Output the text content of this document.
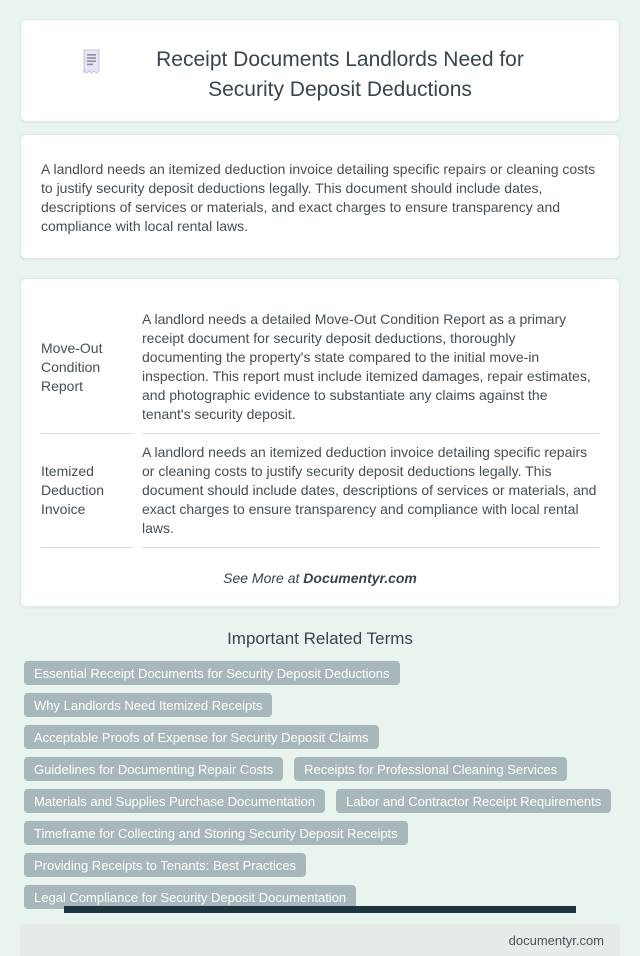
Receipt Documents Landlords Need for Security Deposit Deductions

A landlord needs an itemized deduction invoice detailing specific repairs or cleaning costs to justify security deposit deductions legally. This document should include dates, descriptions of services or materials, and exact charges to ensure transparency and compliance with local rental laws.

Move-Out Condition Report	A landlord needs a detailed Move-Out Condition Report as a primary receipt document for security deposit deductions, thoroughly documenting the property's state compared to the initial move-in inspection. This report must include itemized damages, repair estimates, and photographic evidence to substantiate any claims against the tenant's security deposit.
Itemized Deduction Invoice	A landlord needs an itemized deduction invoice detailing specific repairs or cleaning costs to justify security deposit deductions legally. This document should include dates, descriptions of services or materials, and exact charges to ensure transparency and compliance with local rental laws.
See More at Documentyr.com
Important Related Terms
Essential Receipt Documents for Security Deposit Deductions
Why Landlords Need Itemized Receipts
Acceptable Proofs of Expense for Security Deposit Claims
Guidelines for Documenting Repair Costs	Receipts for Professional Cleaning Services
Materials and Supplies Purchase Documentation	Labor and Contractor Receipt Requirements
Timeframe for Collecting and Storing Security Deposit Receipts
Providing Receipts to Tenants: Best Practices
Legal Compliance for Security Deposit Documentation
documentyr.com
